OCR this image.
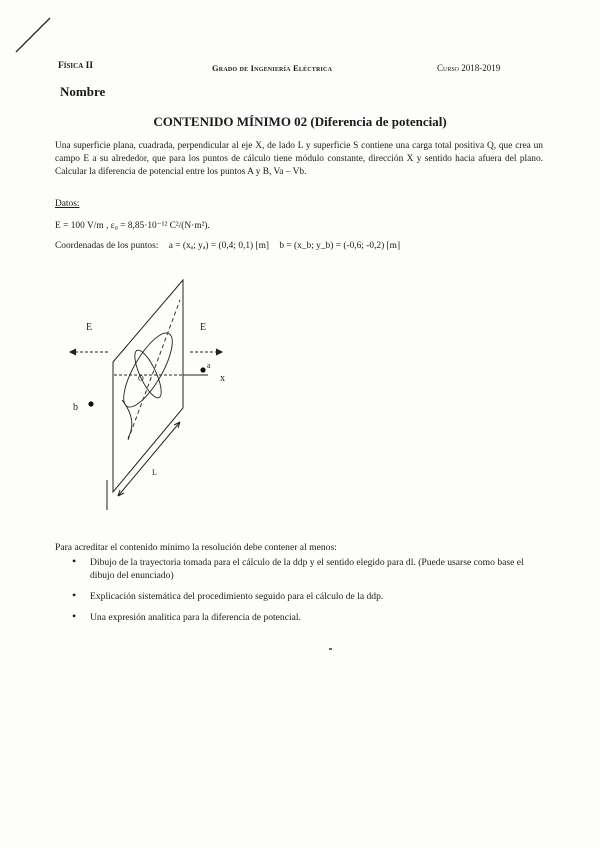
Física II	Grado de Ingeniería Eléctrica	Curso 2018-2019
Nombre
CONTENIDO MÍNIMO 02 (Diferencia de potencial)
Una superficie plana, cuadrada, perpendicular al eje X, de lado L y superficie S contiene una carga total positiva Q, que crea un campo E a su alrededor, que para los puntos de cálculo tiene módulo constante, dirección X y sentido hacia afuera del plano. Calcular la diferencia de potencial entre los puntos A y B, Va – Vb.
Datos:
E = 100 V/m , ε₀ = 8,85·10⁻¹² C²/(N·m²).
Coordenadas de los puntos: a = (xₐ; yₐ) = (0,4; 0,1) [m] b = (x_b; y_b) = (-0,6; -0,2) [m]
O
E	E
x
a
b
L
Para acreditar el contenido mínimo la resolución debe contener al menos:
• Dibujo de la trayectoria tomada para el cálculo de la ddp y el sentido elegido para dl. (Puede usarse como base el dibujo del enunciado)
• Explicación sistemática del procedimiento seguido para el cálculo de la ddp.
• Una expresión analítica para la diferencia de potencial.
